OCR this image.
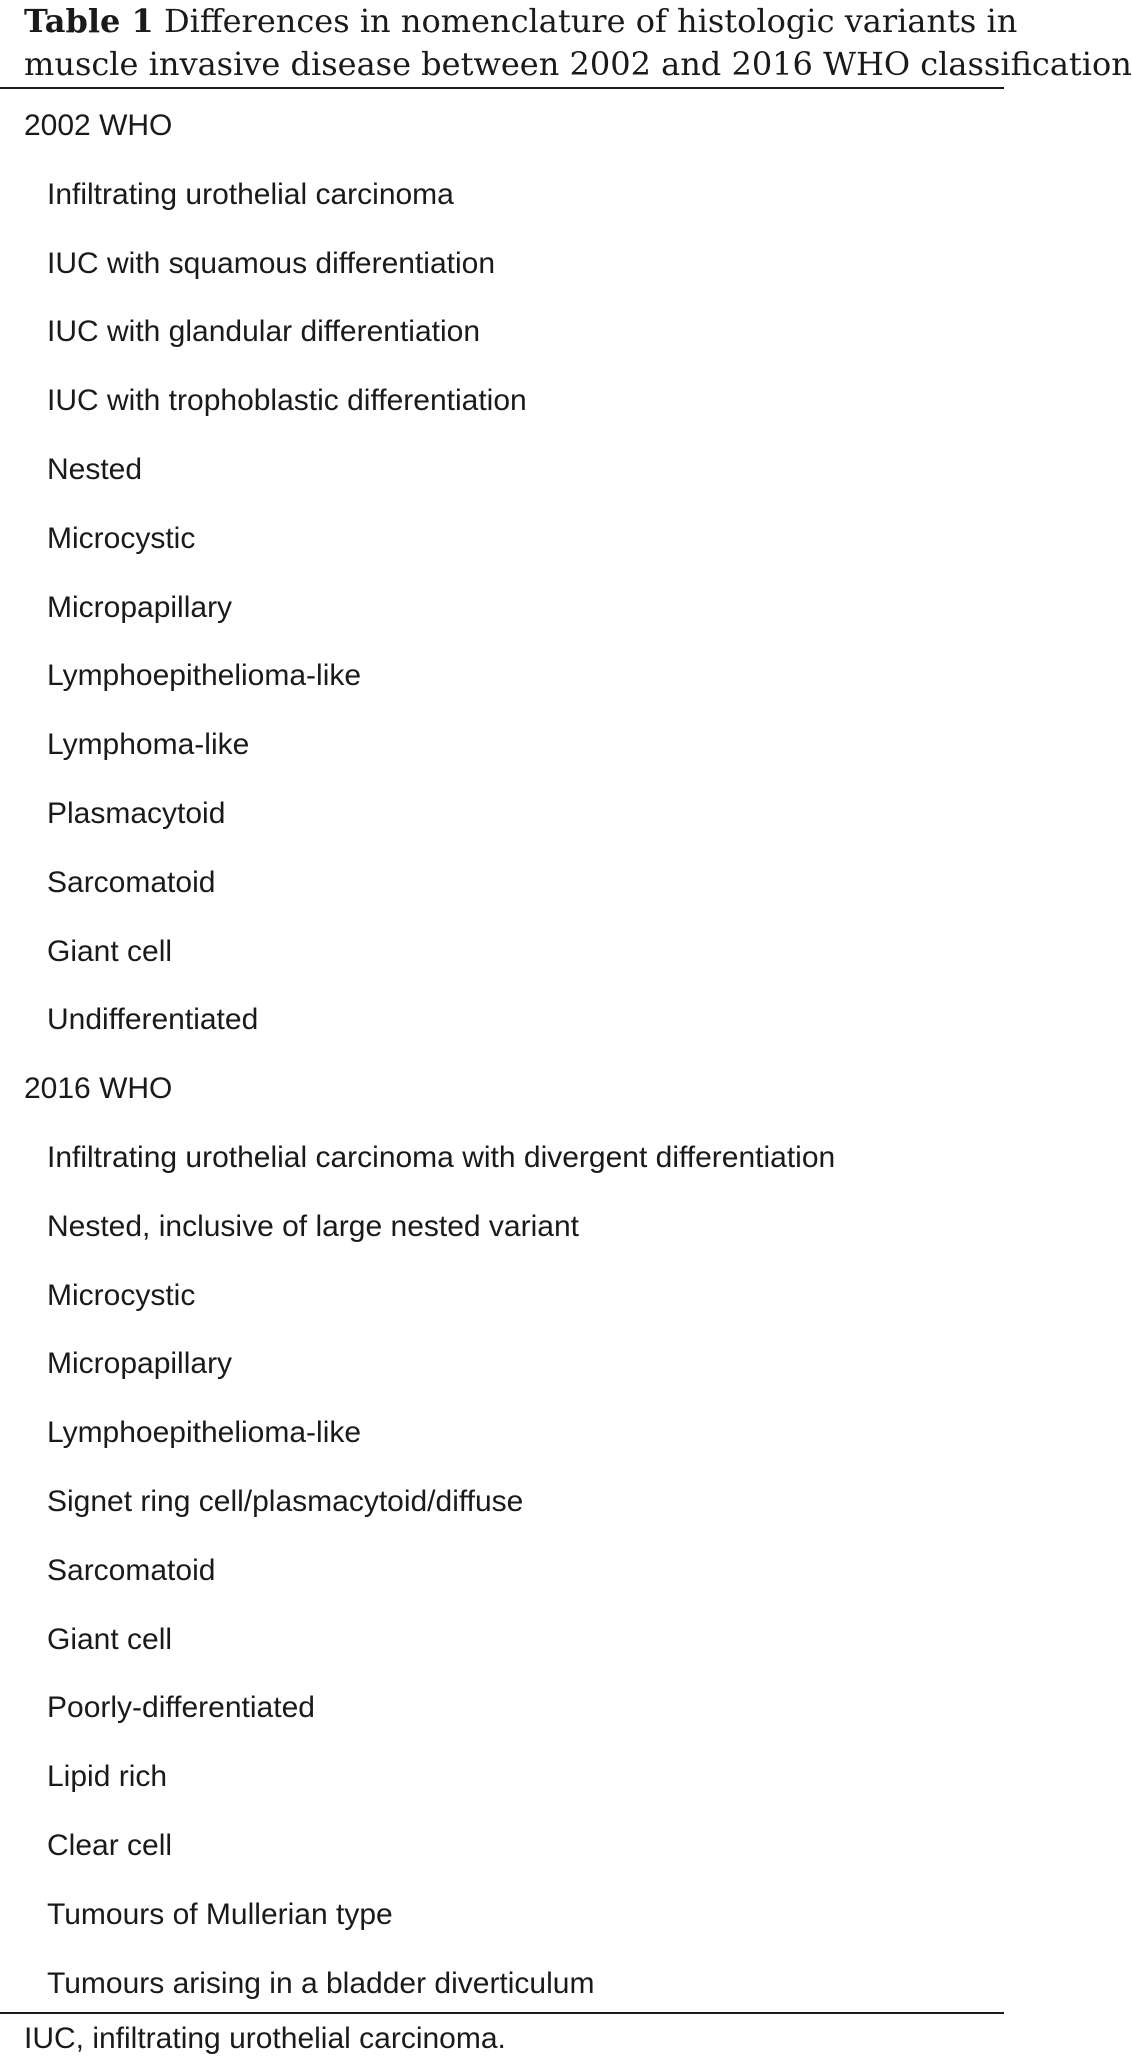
Table 1 Differences in nomenclature of histologic variants in
muscle invasive disease between 2002 and 2016 WHO classification
2002 WHO
Infiltrating urothelial carcinoma
IUC with squamous differentiation
IUC with glandular differentiation
IUC with trophoblastic differentiation
Nested
Microcystic
Micropapillary
Lymphoepithelioma-like
Lymphoma-like
Plasmacytoid
Sarcomatoid
Giant cell
Undifferentiated
2016 WHO
Infiltrating urothelial carcinoma with divergent differentiation
Nested, inclusive of large nested variant
Microcystic
Micropapillary
Lymphoepithelioma-like
Signet ring cell/plasmacytoid/diffuse
Sarcomatoid
Giant cell
Poorly-differentiated
Lipid rich
Clear cell
Tumours of Mullerian type
Tumours arising in a bladder diverticulum
IUC, infiltrating urothelial carcinoma.
